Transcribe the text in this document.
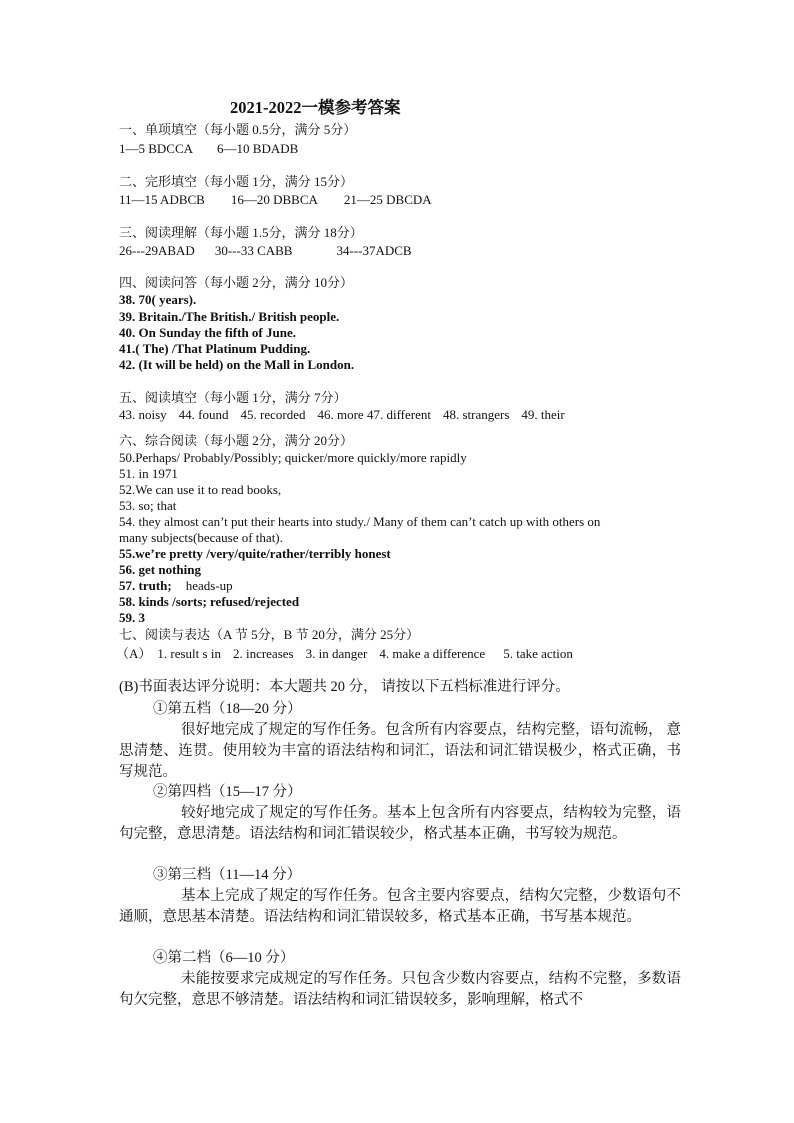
2021-2022一模参考答案
一、单项填空（每小题 0.5分，满分 5分）
1—5 BDCCA 6—10 BDADB
二、完形填空（每小题 1分，满分 15分）
11—15 ADBCB 16—20 DBBCA 21—25 DBCDA
三、阅读理解（每小题 1.5分，满分 18分）
26---29ABAD 30---33 CABB	34---37ADCB
四、阅读问答（每小题 2分，满分 10分）
38. 70( years).
39. Britain./The British./ British people.
40. On Sunday the fifth of June.
41.( The) /That Platinum Pudding.
42. (It will be held) on the Mall in London.
五、阅读填空（每小题 1分，满分 7分）
43. noisy 44. found 45. recorded 46. more 47. different 48. strangers 49. their
六、综合阅读（每小题 2分，满分 20分）
50.Perhaps/ Probably/Possibly; quicker/more quickly/more rapidly
51. in 1971
52.We can use it to read books,
53. so; that
54. they almost can’t put their hearts into study./ Many of them can’t catch up with others on
many subjects(because of that).
55.we’re pretty /very/quite/rather/terribly honest
56. get nothing
57. truth; heads-up
58. kinds /sorts; refused/rejected
59. 3
七、阅读与表达（A 节 5分，B 节 20分，满分 25分）
（A） 1. result s in 2. increases 3. in danger 4. make a difference 5. take action
(B)书面表达评分说明：本大题共 20 分， 请按以下五档标准进行评分。
①第五档（18—20 分）
很好地完成了规定的写作任务。包含所有内容要点，结构完整，语句流畅， 意思清楚、连贯。使用较为丰富的语法结构和词汇，语法和词汇错误极少，格式正确，书写规范。
②第四档（15—17 分）
较好地完成了规定的写作任务。基本上包含所有内容要点，结构较为完整，语句完整，意思清楚。语法结构和词汇错误较少，格式基本正确，书写较为规范。
③第三档（11—14 分）
基本上完成了规定的写作任务。包含主要内容要点，结构欠完整，少数语句不通顺，意思基本清楚。语法结构和词汇错误较多，格式基本正确，书写基本规范。
④第二档（6—10 分）
未能按要求完成规定的写作任务。只包含少数内容要点，结构不完整，多数语句欠完整，意思不够清楚。语法结构和词汇错误较多，影响理解，格式不
